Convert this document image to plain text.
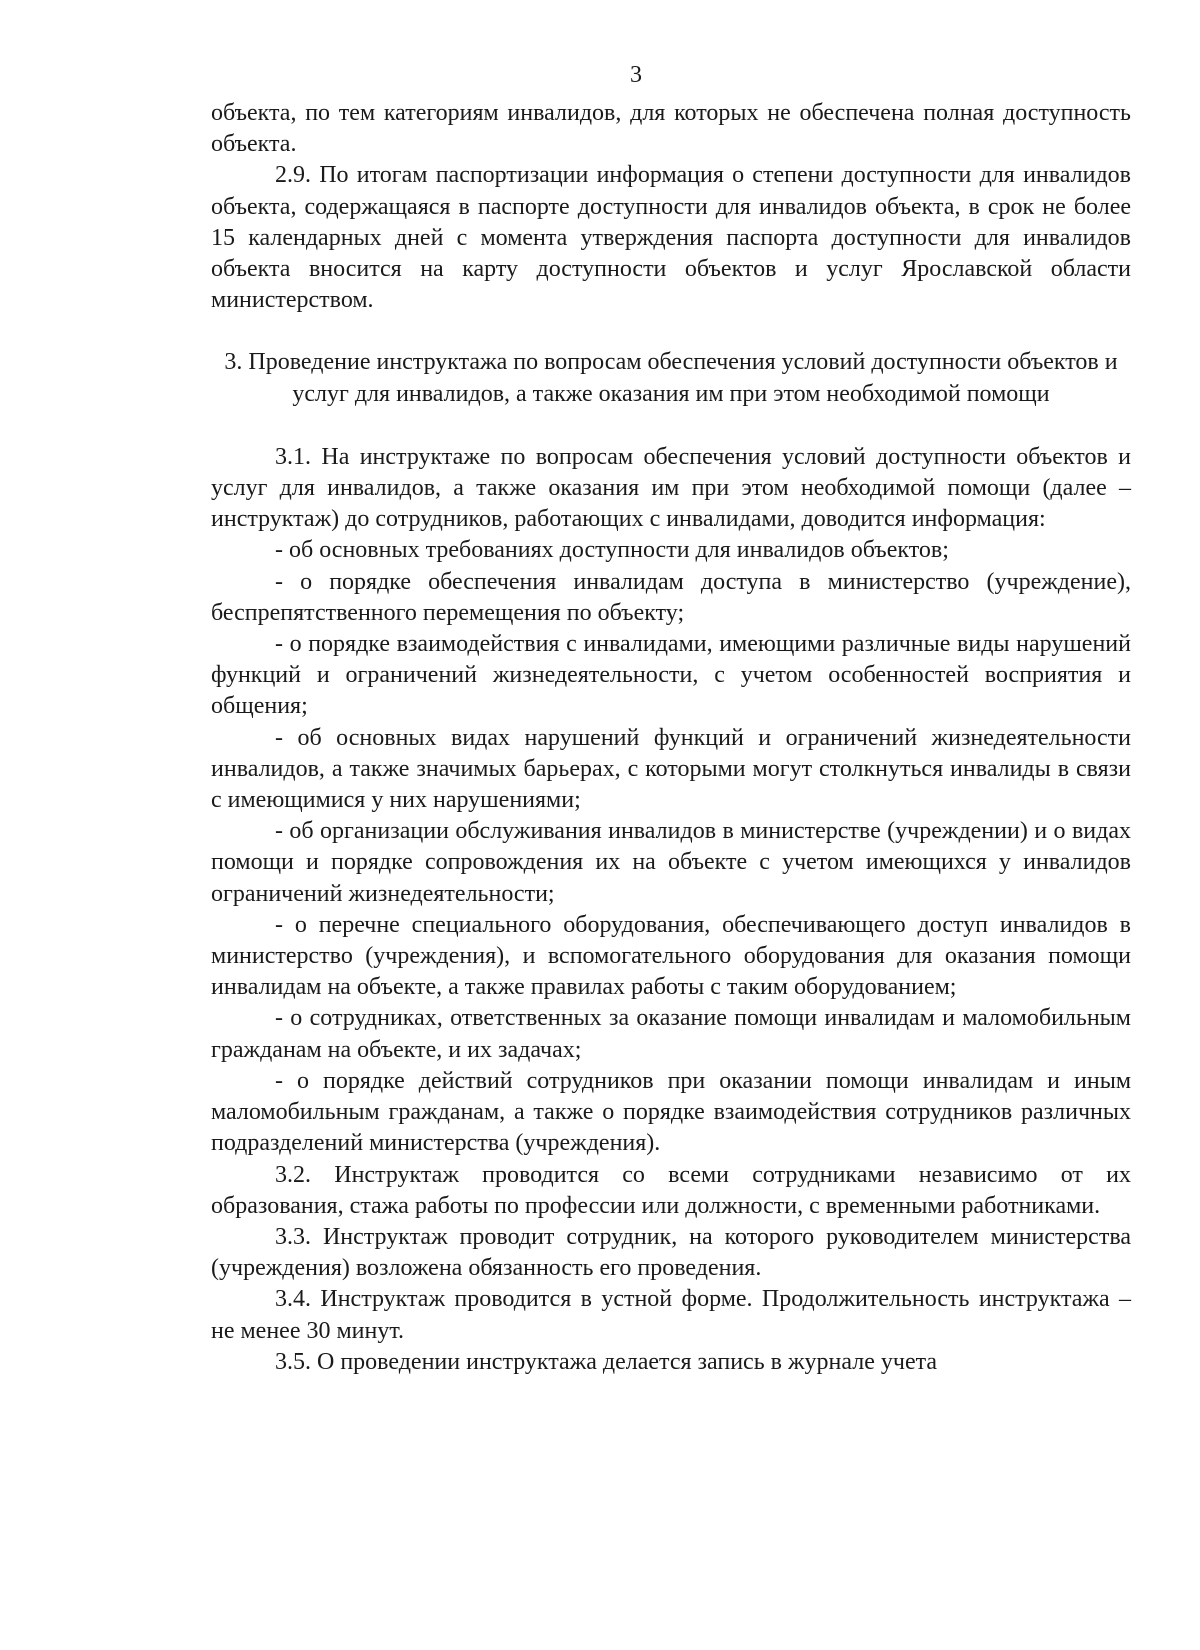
3

объекта, по тем категориям инвалидов, для которых не обеспечена полная доступность объекта.

2.9. По итогам паспортизации информация о степени доступности для инвалидов объекта, содержащаяся в паспорте доступности для инвалидов объекта, в срок не более 15 календарных дней с момента утверждения паспорта доступности для инвалидов объекта вносится на карту доступности объектов и услуг Ярославской области министерством.

3. Проведение инструктажа по вопросам обеспечения условий доступности объектов и услуг для инвалидов, а также оказания им при этом необходимой помощи

3.1. На инструктаже по вопросам обеспечения условий доступности объектов и услуг для инвалидов, а также оказания им при этом необходимой помощи (далее – инструктаж) до сотрудников, работающих с инвалидами, доводится информация:

- об основных требованиях доступности для инвалидов объектов;

- о порядке обеспечения инвалидам доступа в министерство (учреждение), беспрепятственного перемещения по объекту;

- о порядке взаимодействия с инвалидами, имеющими различные виды нарушений функций и ограничений жизнедеятельности, с учетом особенностей восприятия и общения;

- об основных видах нарушений функций и ограничений жизнедеятельности инвалидов, а также значимых барьерах, с которыми могут столкнуться инвалиды в связи с имеющимися у них нарушениями;

- об организации обслуживания инвалидов в министерстве (учреждении) и о видах помощи и порядке сопровождения их на объекте с учетом имеющихся у инвалидов ограничений жизнедеятельности;

- о перечне специального оборудования, обеспечивающего доступ инвалидов в министерство (учреждения), и вспомогательного оборудования для оказания помощи инвалидам на объекте, а также правилах работы с таким оборудованием;

- о сотрудниках, ответственных за оказание помощи инвалидам и маломобильным гражданам на объекте, и их задачах;

- о порядке действий сотрудников при оказании помощи инвалидам и иным маломобильным гражданам, а также о порядке взаимодействия сотрудников различных подразделений министерства (учреждения).

3.2. Инструктаж проводится со всеми сотрудниками независимо от их образования, стажа работы по профессии или должности, с временными работниками.

3.3. Инструктаж проводит сотрудник, на которого руководителем министерства (учреждения) возложена обязанность его проведения.

3.4. Инструктаж проводится в устной форме. Продолжительность инструктажа – не менее 30 минут.

3.5. О проведении инструктажа делается запись в журнале учета
